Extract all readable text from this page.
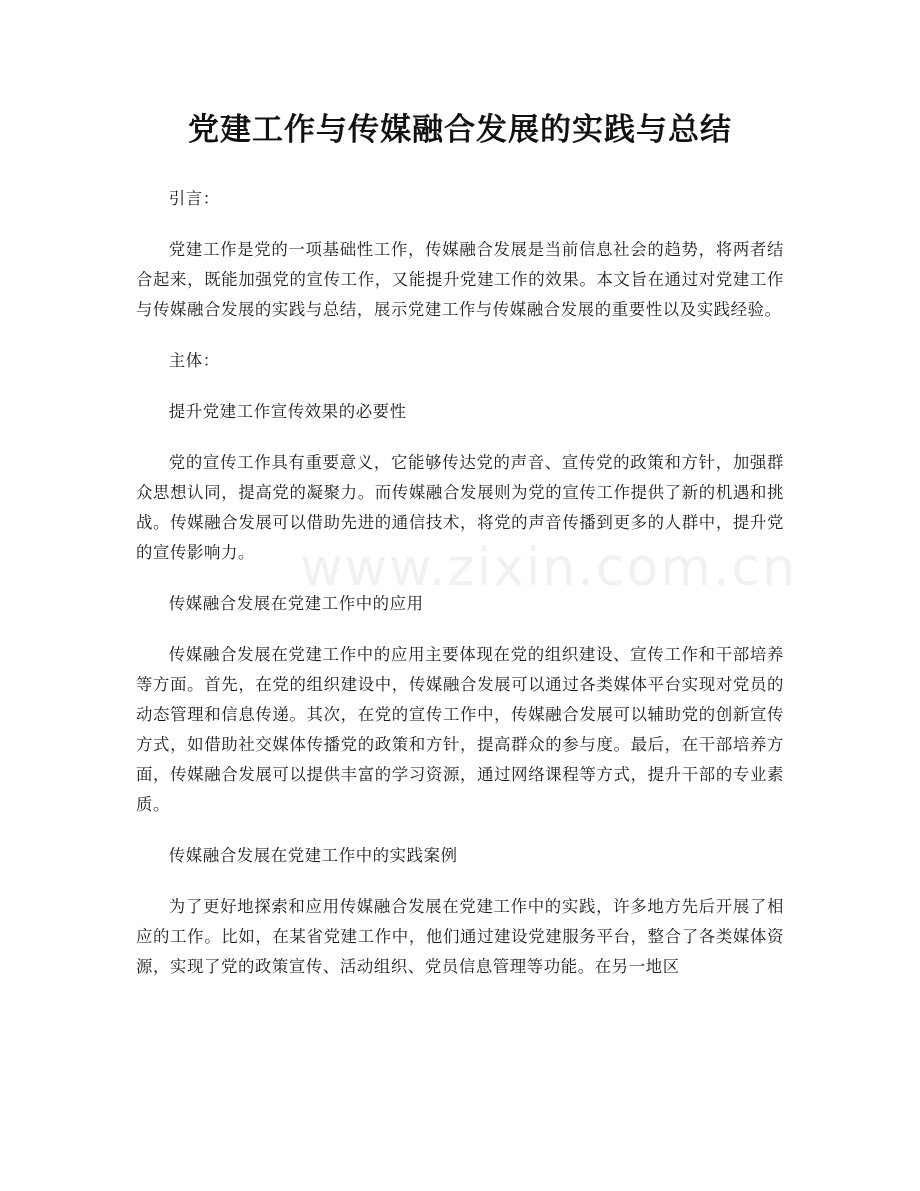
党建工作与传媒融合发展的实践与总结

引言：

党建工作是党的一项基础性工作，传媒融合发展是当前信息社会的趋势，将两者结合起来，既能加强党的宣传工作，又能提升党建工作的效果。本文旨在通过对党建工作与传媒融合发展的实践与总结，展示党建工作与传媒融合发展的重要性以及实践经验。

主体：

提升党建工作宣传效果的必要性

党的宣传工作具有重要意义，它能够传达党的声音、宣传党的政策和方针，加强群众思想认同，提高党的凝聚力。而传媒融合发展则为党的宣传工作提供了新的机遇和挑战。传媒融合发展可以借助先进的通信技术，将党的声音传播到更多的人群中，提升党的宣传影响力。

传媒融合发展在党建工作中的应用

传媒融合发展在党建工作中的应用主要体现在党的组织建设、宣传工作和干部培养等方面。首先，在党的组织建设中，传媒融合发展可以通过各类媒体平台实现对党员的动态管理和信息传递。其次，在党的宣传工作中，传媒融合发展可以辅助党的创新宣传方式，如借助社交媒体传播党的政策和方针，提高群众的参与度。最后，在干部培养方面，传媒融合发展可以提供丰富的学习资源，通过网络课程等方式，提升干部的专业素质。

传媒融合发展在党建工作中的实践案例

为了更好地探索和应用传媒融合发展在党建工作中的实践，许多地方先后开展了相应的工作。比如，在某省党建工作中，他们通过建设党建服务平台，整合了各类媒体资源，实现了党的政策宣传、活动组织、党员信息管理等功能。在另一地区

www.zixin.com.cn
